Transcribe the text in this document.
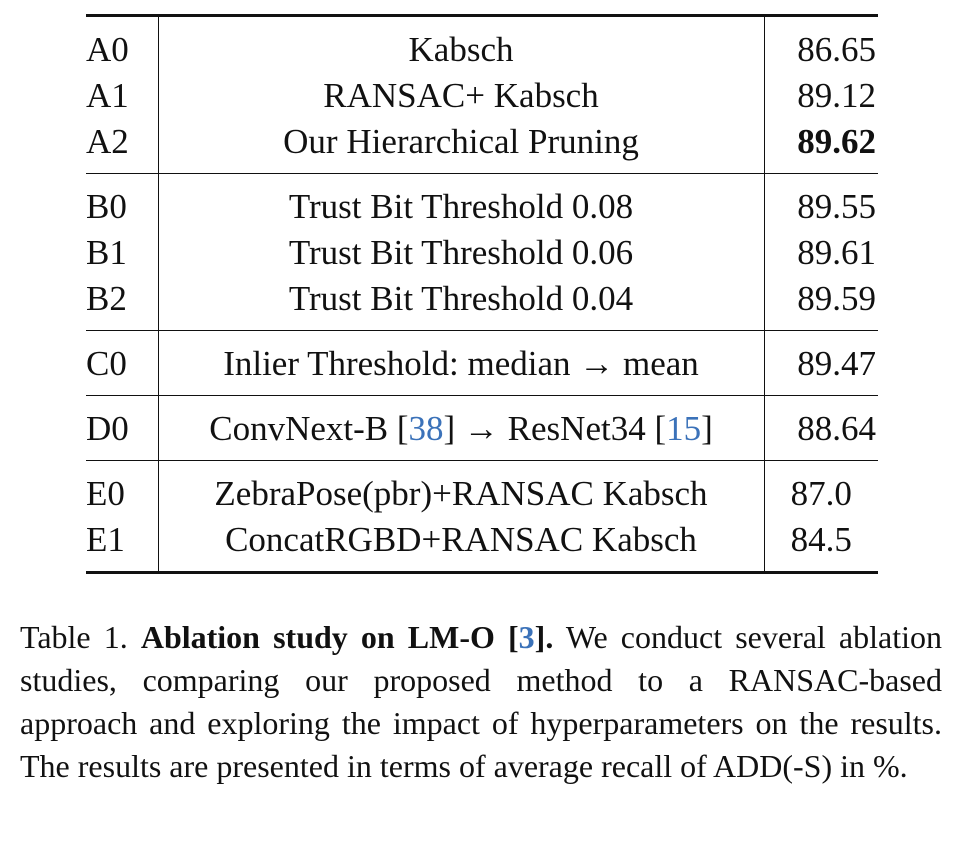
A0	Kabsch	86.65
A1	RANSAC+ Kabsch	89.12
A2	Our Hierarchical Pruning	89.62
B0	Trust Bit Threshold 0.08	89.55
B1	Trust Bit Threshold 0.06	89.61
B2	Trust Bit Threshold 0.04	89.59
C0	Inlier Threshold: median → mean	89.47
D0	ConvNext-B [38] → ResNet34 [15]	88.64
E0	ZebraPose(pbr)+RANSAC Kabsch	87.0
E1	ConcatRGBD+RANSAC Kabsch	84.5
Table 1. Ablation study on LM-O [3]. We conduct several ablation studies, comparing our proposed method to a RANSAC-based approach and exploring the impact of hyperparameters on the results. The results are presented in terms of average recall of ADD(-S) in %.
